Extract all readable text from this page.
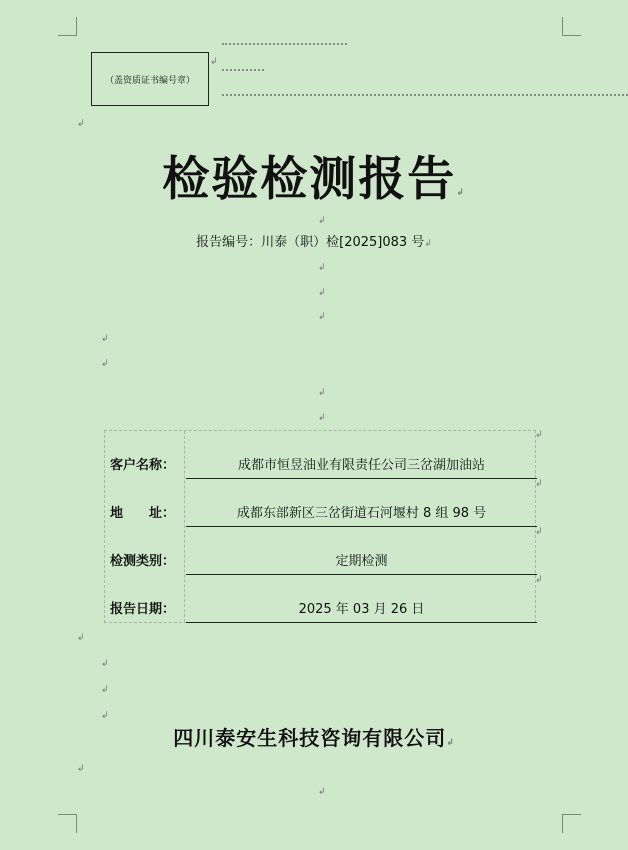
（盖资质证书编号章）
检验检测报告↲
报告编号：川泰（职）检[2025]083 号↲
客户名称：	成都市恒昱油业有限责任公司三岔湖加油站
地　　址：	成都东部新区三岔街道石河堰村 8 组 98 号
检测类别：	定期检测
报告日期：	2025 年 03 月 26 日
四川泰安生科技咨询有限公司↲
↲
↲
↲
↲
↲
↲
↲
↲
↲
↲
↲
↲
↲
↲
↲
↲
↲
↲
↲
↲
